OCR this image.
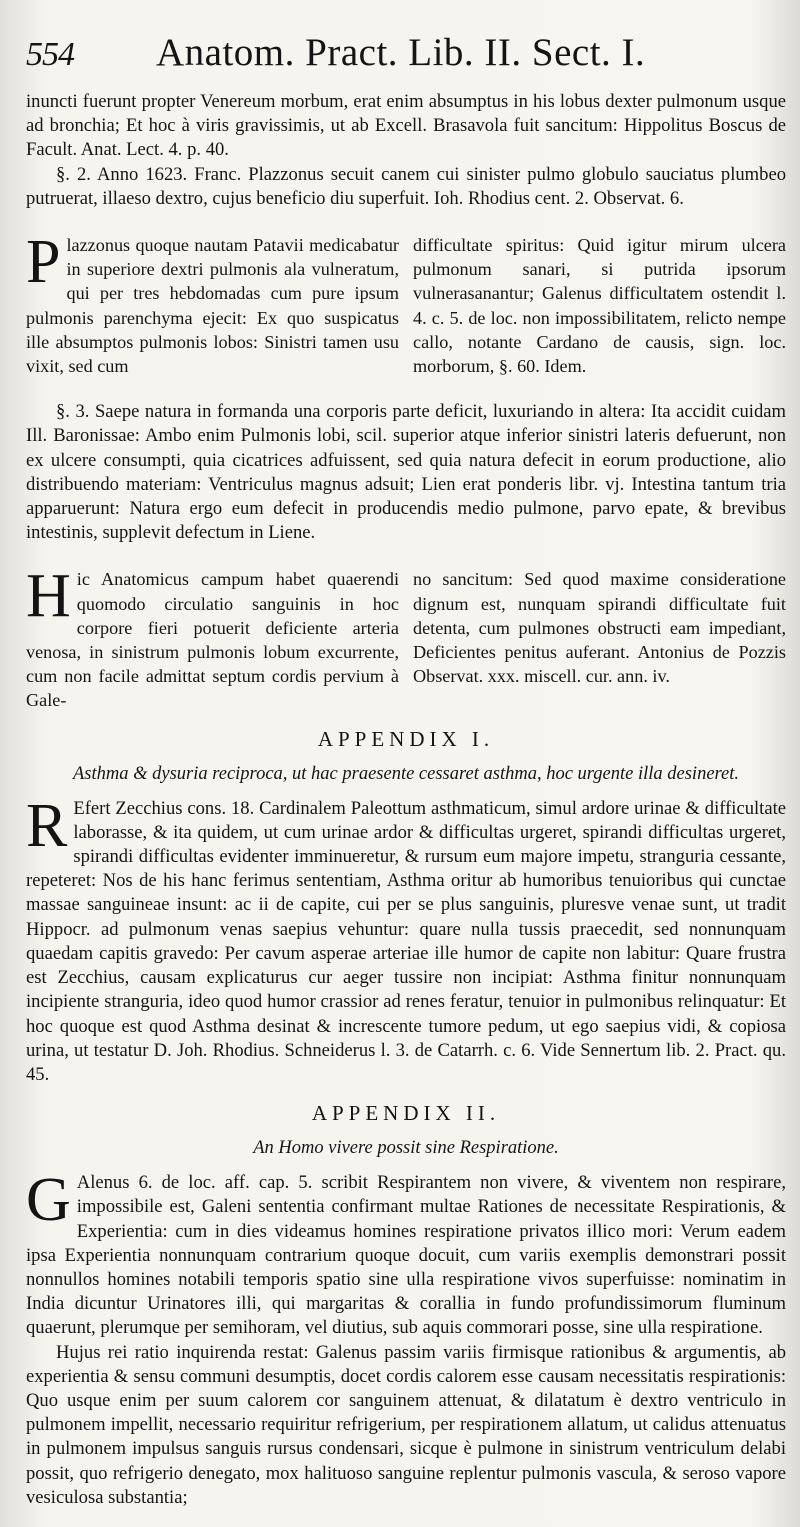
554	Anatom. Pract. Lib. II. Sect. I.

inuncti fuerunt propter Venereum morbum, erat enim absumptus in his lobus dexter pulmonum usque ad bronchia; Et hoc à viris gravissimis, ut ab Excell. Brasavola fuit sancitum: Hippolitus Boscus de Facult. Anat. Lect. 4. p. 40.

§. 2. Anno 1623. Franc. Plazzonus secuit canem cui sinister pulmo globulo sauciatus plumbeo putruerat, illaeso dextro, cujus beneficio diu superfuit. Ioh. Rhodius cent. 2. Observat. 6.

Plazzonus quoque nautam Patavii medicabatur in superiore dextri pulmonis ala vulneratum, qui per tres hebdomadas cum pure ipsum pulmonis parenchyma ejecit: Ex quo suspicatus ille absumptos pulmonis lobos: Sinistri tamen usu vixit, sed cum

difficultate spiritus: Quid igitur mirum ulcera pulmonum sanari, si putrida ipsorum vulnerasanantur; Galenus difficultatem ostendit l. 4. c. 5. de loc. non impossibilitatem, relicto nempe callo, notante Cardano de causis, sign. loc. morborum, §. 60. Idem.

§. 3. Saepe natura in formanda una corporis parte deficit, luxuriando in altera: Ita accidit cuidam Ill. Baronissae: Ambo enim Pulmonis lobi, scil. superior atque inferior sinistri lateris defuerunt, non ex ulcere consumpti, quia cicatrices adfuissent, sed quia natura defecit in eorum productione, alio distribuendo materiam: Ventriculus magnus adsuit; Lien erat ponderis libr. vj. Intestina tantum tria apparuerunt: Natura ergo eum defecit in producendis medio pulmone, parvo epate, & brevibus intestinis, supplevit defectum in Liene.

Hic Anatomicus campum habet quaerendi quomodo circulatio sanguinis in hoc corpore fieri potuerit deficiente arteria venosa, in sinistrum pulmonis lobum excurrente, cum non facile admittat septum cordis pervium à Gale-

no sancitum: Sed quod maxime consideratione dignum est, nunquam spirandi difficultate fuit detenta, cum pulmones obstructi eam impediant, Deficientes penitus auferant. Antonius de Pozzis Observat. xxx. miscell. cur. ann. iv.

APPENDIX I.
Asthma & dysuria reciproca, ut hac praesente cessaret asthma, hoc urgente illa desineret.

R Efert Zecchius cons. 18. Cardinalem Paleottum asthmaticum, simul ardore urinae & difficultate laborasse, & ita quidem, ut cum urinae ardor & difficultas urgeret, spirandi difficultas urgeret, spirandi difficultas evidenter imminueretur, & rursum eum majore impetu, stranguria cessante, repeteret: Nos de his hanc ferimus sententiam, Asthma oritur ab humoribus tenuioribus qui cunctae massae sanguineae insunt: ac ii de capite, cui per se plus sanguinis, pluresve venae sunt, ut tradit Hippocr. ad pulmonum venas saepius vehuntur: quare nulla tussis praecedit, sed nonnunquam quaedam capitis gravedo: Per cavum asperae arteriae ille humor de capite non labitur: Quare frustra est Zecchius, causam explicaturus cur aeger tussire non incipiat: Asthma finitur nonnunquam incipiente stranguria, ideo quod humor crassior ad renes feratur, tenuior in pulmonibus relinquatur: Et hoc quoque est quod Asthma desinat & increscente tumore pedum, ut ego saepius vidi, & copiosa urina, ut testatur D. Joh. Rhodius. Schneiderus l. 3. de Catarrh. c. 6. Vide Sennertum lib. 2. Pract. qu. 45.

APPENDIX II.
An Homo vivere possit sine Respiratione.

G Alenus 6. de loc. aff. cap. 5. scribit Respirantem non vivere, & viventem non respirare, impossibile est, Galeni sententia confirmant multae Rationes de necessitate Respirationis, & Experientia: cum in dies videamus homines respiratione privatos illico mori: Verum eadem ipsa Experientia nonnunquam contrarium quoque docuit, cum variis exemplis demonstrari possit nonnullos homines notabili temporis spatio sine ulla respiratione vivos superfuisse: nominatim in India dicuntur Urinatores illi, qui margaritas & corallia in fundo profundissimorum fluminum quaerunt, plerumque per semihoram, vel diutius, sub aquis commorari posse, sine ulla respiratione.

Hujus rei ratio inquirenda restat: Galenus passim variis firmisque rationibus & argumentis, ab experientia & sensu communi desumptis, docet cordis calorem esse causam necessitatis respirationis: Quo usque enim per suum calorem cor sanguinem attenuat, & dilatatum è dextro ventriculo in pulmonem impellit, necessario requiritur refrigerium, per respirationem allatum, ut calidus attenuatus in pulmonem impulsus sanguis rursus condensari, sicque è pulmone in sinistrum ventriculum delabi possit, quo refrigerio denegato, mox halituoso sanguine replentur pulmonis vascula, & seroso vapore vesiculosa substantia;
